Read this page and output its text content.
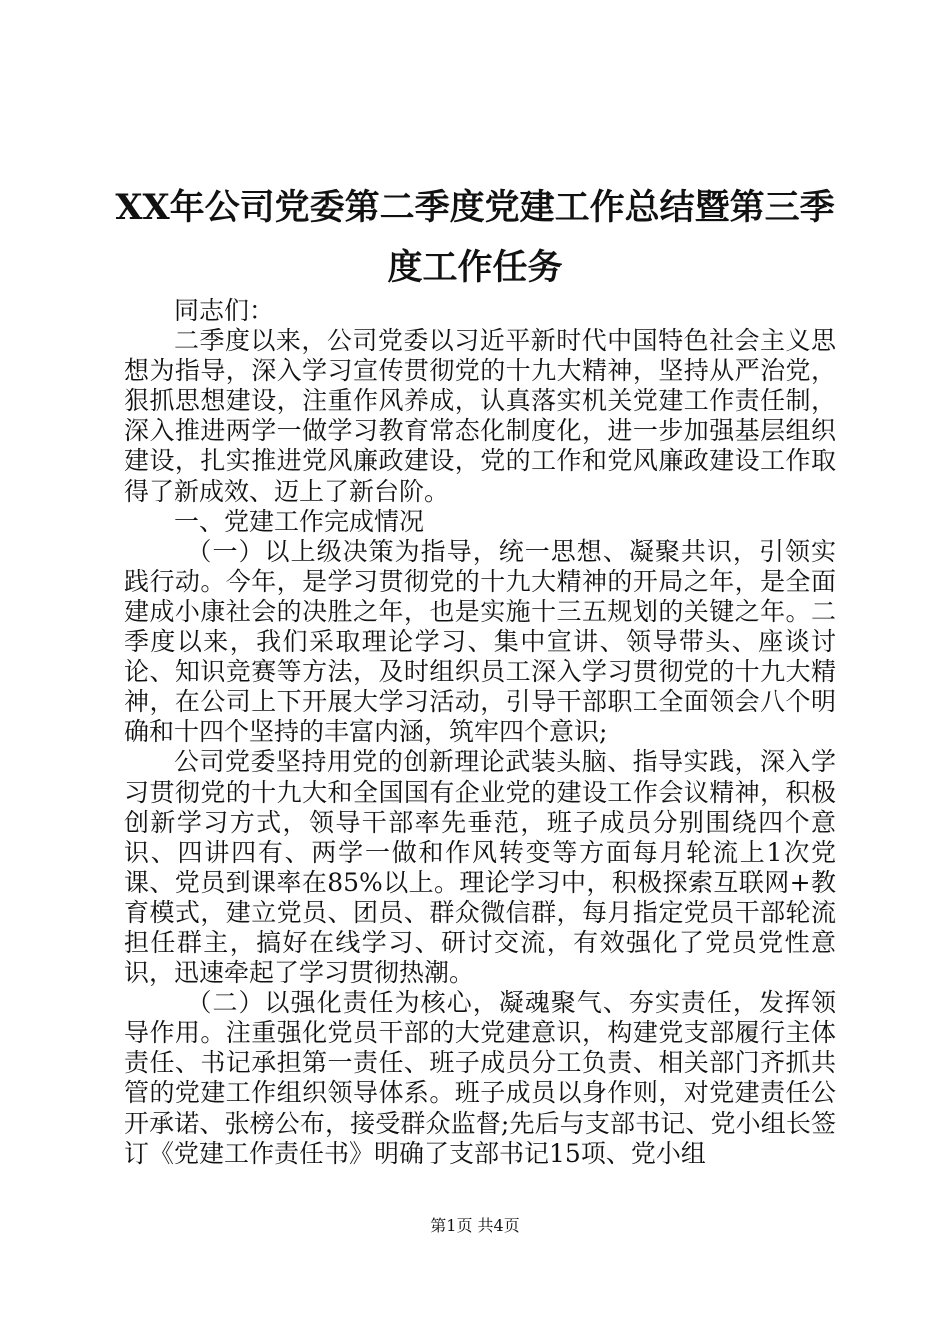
XX年公司党委第二季度党建工作总结暨第三季度工作任务

同志们：

二季度以来，公司党委以习近平新时代中国特色社会主义思想为指导，深入学习宣传贯彻党的十九大精神，坚持从严治党，狠抓思想建设，注重作风养成，认真落实机关党建工作责任制，深入推进两学一做学习教育常态化制度化，进一步加强基层组织建设，扎实推进党风廉政建设，党的工作和党风廉政建设工作取得了新成效、迈上了新台阶。

一、党建工作完成情况

（一）以上级决策为指导，统一思想、凝聚共识，引领实践行动。今年，是学习贯彻党的十九大精神的开局之年，是全面建成小康社会的决胜之年，也是实施十三五规划的关键之年。二季度以来，我们采取理论学习、集中宣讲、领导带头、座谈讨论、知识竞赛等方法，及时组织员工深入学习贯彻党的十九大精神，在公司上下开展大学习活动，引导干部职工全面领会八个明确和十四个坚持的丰富内涵，筑牢四个意识;

公司党委坚持用党的创新理论武装头脑、指导实践，深入学习贯彻党的十九大和全国国有企业党的建设工作会议精神，积极创新学习方式，领导干部率先垂范，班子成员分别围绕四个意识、四讲四有、两学一做和作风转变等方面每月轮流上1次党课、党员到课率在85%以上。理论学习中，积极探索互联网+教育模式，建立党员、团员、群众微信群，每月指定党员干部轮流担任群主，搞好在线学习、研讨交流，有效强化了党员党性意识，迅速牵起了学习贯彻热潮。

（二）以强化责任为核心，凝魂聚气、夯实责任，发挥领导作用。注重强化党员干部的大党建意识，构建党支部履行主体责任、书记承担第一责任、班子成员分工负责、相关部门齐抓共管的党建工作组织领导体系。班子成员以身作则，对党建责任公开承诺、张榜公布，接受群众监督;先后与支部书记、党小组长签订《党建工作责任书》明确了支部书记15项、党小组

第1页 共4页
